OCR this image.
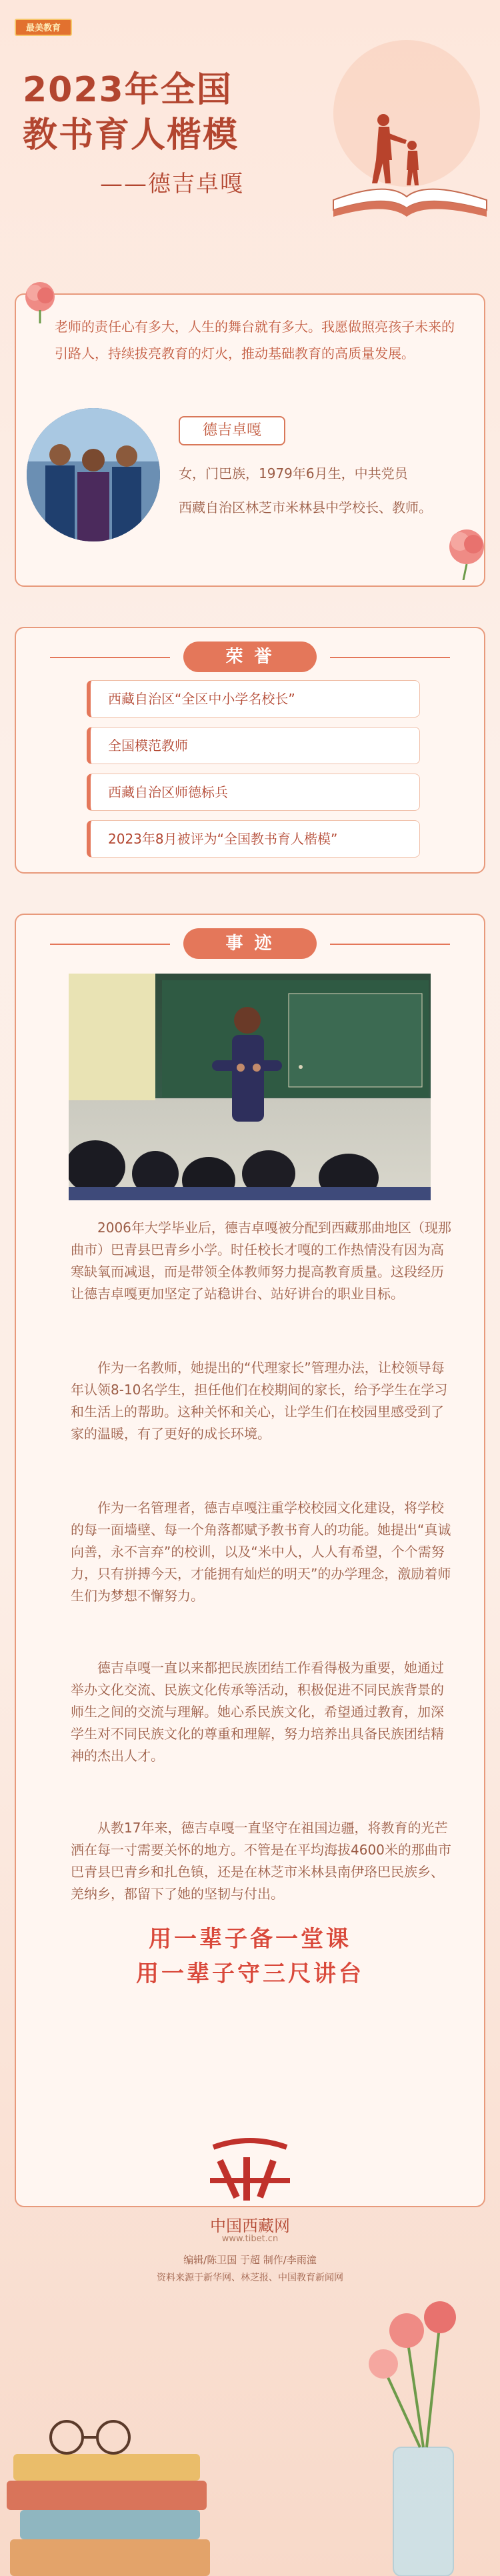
最美教育
2023年全国
教书育人楷模
——德吉卓嘎
老师的责任心有多大，人生的舞台就有多大。我愿做照亮孩子未来的引路人，持续拔亮教育的灯火，推动基础教育的高质量发展。
德吉卓嘎
女，门巴族，1979年6月生，中共党员
西藏自治区林芝市米林县中学校长、教师。
荣 誉
西藏自治区“全区中小学名校长”
全国模范教师
西藏自治区师德标兵
2023年8月被评为“全国教书育人楷模”
事 迹
2006年大学毕业后，德吉卓嘎被分配到西藏那曲地区（现那曲市）巴青县巴青乡小学。时任校长才嘎的工作热情没有因为高寒缺氧而减退，而是带领全体教师努力提高教育质量。这段经历让德吉卓嘎更加坚定了站稳讲台、站好讲台的职业目标。
作为一名教师，她提出的“代理家长”管理办法，让校领导每年认领8-10名学生，担任他们在校期间的家长，给予学生在学习和生活上的帮助。这种关怀和关心，让学生们在校园里感受到了家的温暖，有了更好的成长环境。
作为一名管理者，德吉卓嘎注重学校校园文化建设，将学校的每一面墙壁、每一个角落都赋予教书育人的功能。她提出“真诚向善，永不言弃”的校训，以及“米中人，人人有希望，个个需努力，只有拼搏今天，才能拥有灿烂的明天”的办学理念，激励着师生们为梦想不懈努力。
德吉卓嘎一直以来都把民族团结工作看得极为重要，她通过举办文化交流、民族文化传承等活动，积极促进不同民族背景的师生之间的交流与理解。她心系民族文化，希望通过教育，加深学生对不同民族文化的尊重和理解，努力培养出具备民族团结精神的杰出人才。
从教17年来，德吉卓嘎一直坚守在祖国边疆，将教育的光芒洒在每一寸需要关怀的地方。不管是在平均海拔4600米的那曲市巴青县巴青乡和扎色镇，还是在林芝市米林县南伊珞巴民族乡、羌纳乡，都留下了她的坚韧与付出。
用一辈子备一堂课
用一辈子守三尺讲台
中国西藏网
www.tibet.cn
编辑/陈卫国 于超 制作/李雨潼
资料来源于新华网、林芝报、中国教育新闻网
